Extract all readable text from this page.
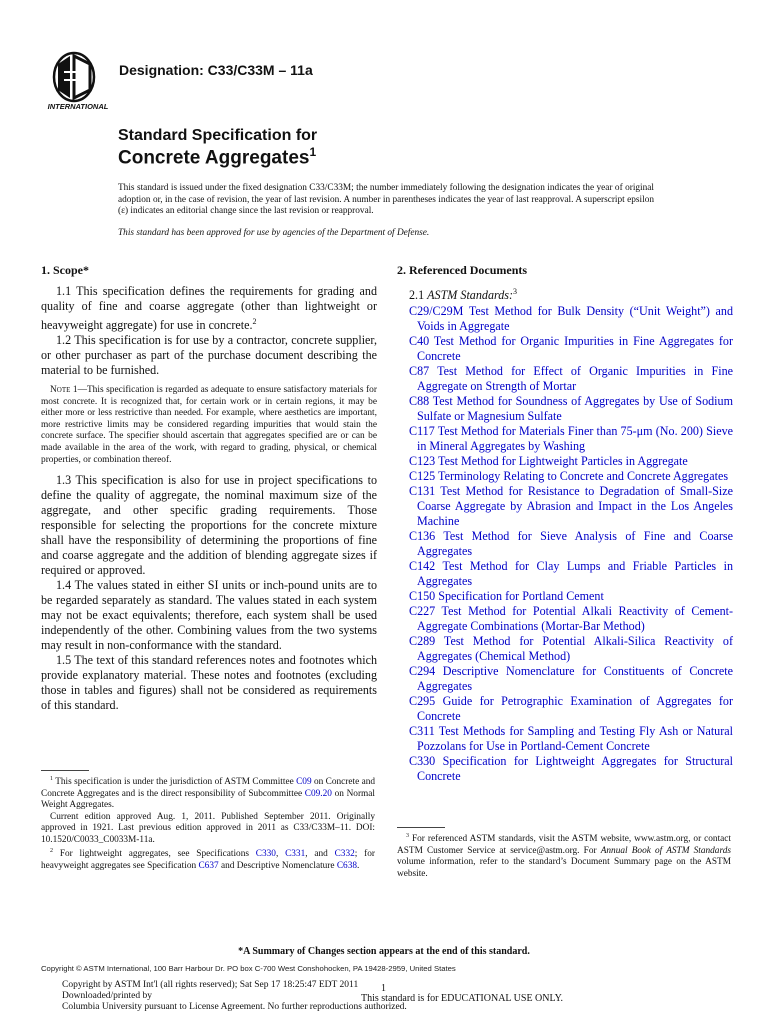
INTERNATIONAL
Designation: C33/C33M – 11a
Standard Specification for
Concrete Aggregates$^1$
This standard is issued under the fixed designation C33/C33M; the number immediately following the designation indicates the year of original adoption or, in the case of revision, the year of last revision. A number in parentheses indicates the year of last reapproval. A superscript epsilon (ε) indicates an editorial change since the last revision or reapproval.
This standard has been approved for use by agencies of the Department of Defense.
1. Scope*

1.1 This specification defines the requirements for grading and quality of fine and coarse aggregate (other than lightweight or heavyweight aggregate) for use in concrete.$^2$

1.2 This specification is for use by a contractor, concrete supplier, or other purchaser as part of the purchase document describing the material to be furnished.

Note 1—This specification is regarded as adequate to ensure satisfactory materials for most concrete. It is recognized that, for certain work or in certain regions, it may be either more or less restrictive than needed. For example, where aesthetics are important, more restrictive limits may be considered regarding impurities that would stain the concrete surface. The specifier should ascertain that aggregates specified are or can be made available in the area of the work, with regard to grading, physical, or chemical properties, or combination thereof.

1.3 This specification is also for use in project specifications to define the quality of aggregate, the nominal maximum size of the aggregate, and other specific grading requirements. Those responsible for selecting the proportions for the concrete mixture shall have the responsibility of determining the proportions of fine and coarse aggregate and the addition of blending aggregate sizes if required or approved.

1.4 The values stated in either SI units or inch-pound units are to be regarded separately as standard. The values stated in each system may not be exact equivalents; therefore, each system shall be used independently of the other. Combining values from the two systems may result in non-conformance with the standard.

1.5 The text of this standard references notes and footnotes which provide explanatory material. These notes and footnotes (excluding those in tables and figures) shall not be considered as requirements of this standard.

$^1$ This specification is under the jurisdiction of ASTM Committee C09 on Concrete and Concrete Aggregates and is the direct responsibility of Subcommittee C09.20 on Normal Weight Aggregates.

Current edition approved Aug. 1, 2011. Published September 2011. Originally approved in 1921. Last previous edition approved in 2011 as C33/C33M–11. DOI: 10.1520/C0033_C0033M-11a.

$^2$ For lightweight aggregates, see Specifications C330, C331, and C332; for heavyweight aggregates see Specification C637 and Descriptive Nomenclature C638.

2. Referenced Documents

2.1 ASTM Standards:$^3$

C29/C29M Test Method for Bulk Density (“Unit Weight”) and Voids in Aggregate

C40 Test Method for Organic Impurities in Fine Aggregates for Concrete

C87 Test Method for Effect of Organic Impurities in Fine Aggregate on Strength of Mortar

C88 Test Method for Soundness of Aggregates by Use of Sodium Sulfate or Magnesium Sulfate

C117 Test Method for Materials Finer than 75-μm (No. 200) Sieve in Mineral Aggregates by Washing

C123 Test Method for Lightweight Particles in Aggregate

C125 Terminology Relating to Concrete and Concrete Aggregates

C131 Test Method for Resistance to Degradation of Small-Size Coarse Aggregate by Abrasion and Impact in the Los Angeles Machine

C136 Test Method for Sieve Analysis of Fine and Coarse Aggregates

C142 Test Method for Clay Lumps and Friable Particles in Aggregates

C150 Specification for Portland Cement

C227 Test Method for Potential Alkali Reactivity of Cement-Aggregate Combinations (Mortar-Bar Method)

C289 Test Method for Potential Alkali-Silica Reactivity of Aggregates (Chemical Method)

C294 Descriptive Nomenclature for Constituents of Concrete Aggregates

C295 Guide for Petrographic Examination of Aggregates for Concrete

C311 Test Methods for Sampling and Testing Fly Ash or Natural Pozzolans for Use in Portland-Cement Concrete

C330 Specification for Lightweight Aggregates for Structural Concrete

$^3$ For referenced ASTM standards, visit the ASTM website, www.astm.org, or contact ASTM Customer Service at service@astm.org. For Annual Book of ASTM Standards volume information, refer to the standard’s Document Summary page on the ASTM website.

*A Summary of Changes section appears at the end of this standard.
Copyright © ASTM International, 100 Barr Harbour Dr. PO box C-700 West Conshohocken, PA 19428-2959, United States
Copyright by ASTM Int'l (all rights reserved); Sat Sep 17 18:25:47 EDT 2011
Downloaded/printed by
Columbia University pursuant to License Agreement. No further reproductions authorized.
1
This standard is for EDUCATIONAL USE ONLY.
